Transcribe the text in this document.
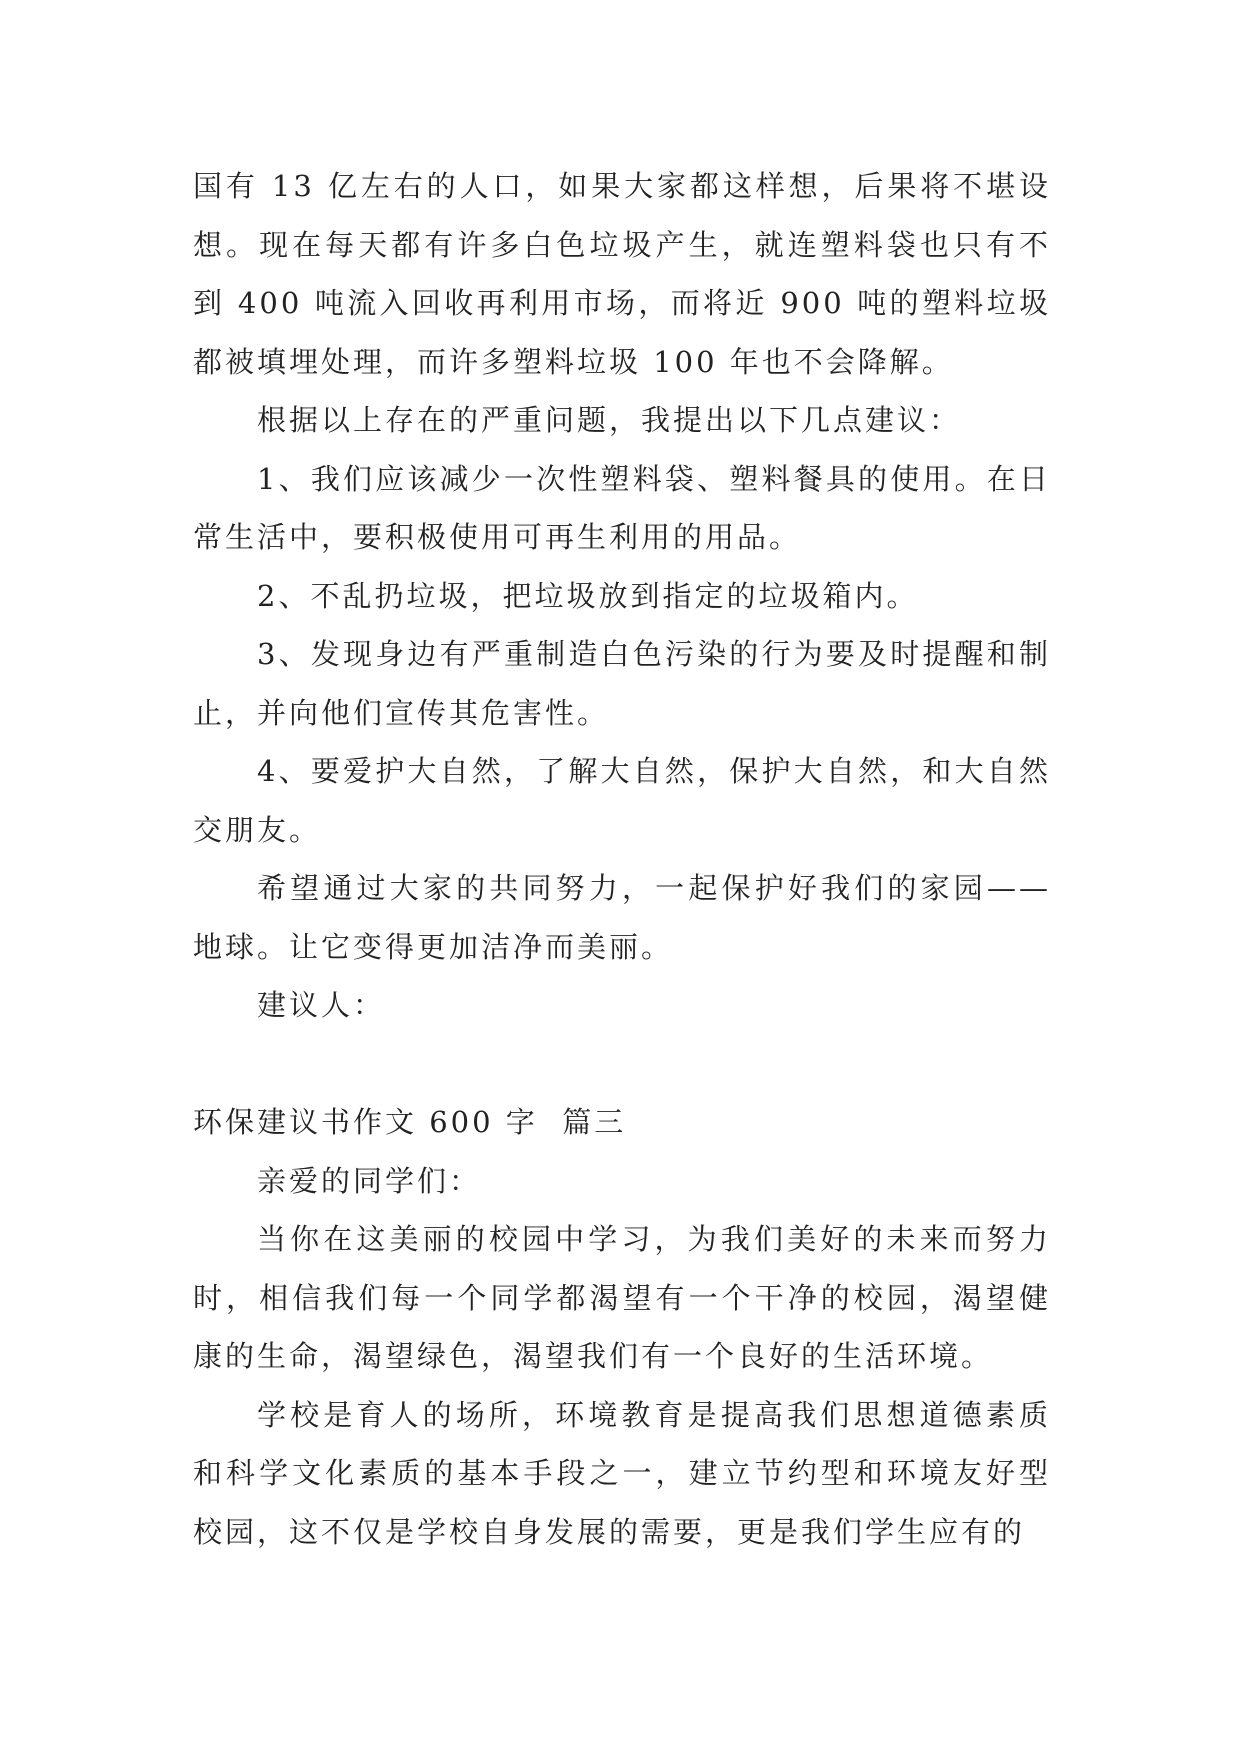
国有 13 亿左右的人口，如果大家都这样想，后果将不堪设想。现在每天都有许多白色垃圾产生，就连塑料袋也只有不到 400 吨流入回收再利用市场，而将近 900 吨的塑料垃圾都被填埋处理，而许多塑料垃圾 100 年也不会降解。

根据以上存在的严重问题，我提出以下几点建议：

1、我们应该减少一次性塑料袋、塑料餐具的使用。在日常生活中，要积极使用可再生利用的用品。

2、不乱扔垃圾，把垃圾放到指定的垃圾箱内。

3、发现身边有严重制造白色污染的行为要及时提醒和制止，并向他们宣传其危害性。

4、要爱护大自然，了解大自然，保护大自然，和大自然交朋友。

希望通过大家的共同努力，一起保护好我们的家园——地球。让它变得更加洁净而美丽。

建议人：

环保建议书作文 600 字  篇三

亲爱的同学们：

当你在这美丽的校园中学习，为我们美好的未来而努力时，相信我们每一个同学都渴望有一个干净的校园，渴望健康的生命，渴望绿色，渴望我们有一个良好的生活环境。

学校是育人的场所，环境教育是提高我们思想道德素质和科学文化素质的基本手段之一，建立节约型和环境友好型校园，这不仅是学校自身发展的需要，更是我们学生应有的
